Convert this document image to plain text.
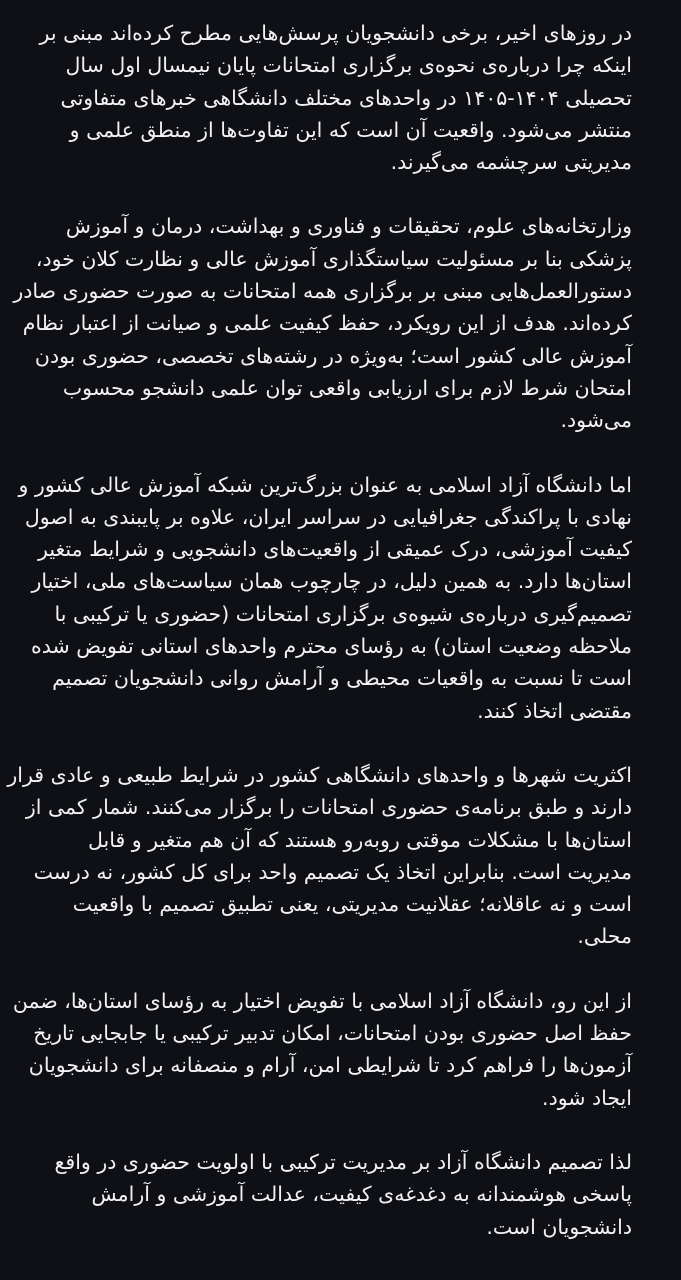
در روزهای اخیر، برخی دانشجویان پرسش‌هایی مطرح کرده‌اند مبنی بر
اینکه چرا درباره‌ی نحوه‌ی برگزاری امتحانات پایان نیمسال اول سال
تحصیلی ۱۴۰۴-۱۴۰۵ در واحدهای مختلف دانشگاهی خبرهای متفاوتی
منتشر می‌شود. واقعیت آن است که این تفاوت‌ها از منطق علمی و
مدیریتی سرچشمه می‌گیرند.

وزارتخانه‌های علوم، تحقیقات و فناوری و بهداشت، درمان و آموزش
پزشکی بنا بر مسئولیت سیاستگذاری آموزش عالی و نظارت کلان خود،
دستورالعمل‌هایی مبنی بر برگزاری همه امتحانات به صورت حضوری صادر
کرده‌اند. هدف از این رویکرد، حفظ کیفیت علمی و صیانت از اعتبار نظام
آموزش عالی کشور است؛ به‌ویژه در رشته‌های تخصصی، حضوری بودن
امتحان شرط لازم برای ارزیابی واقعی توان علمی دانشجو محسوب
می‌شود.

اما دانشگاه آزاد اسلامی به عنوان بزرگ‌ترین شبکه آموزش عالی کشور و
نهادی با پراکندگی جغرافیایی در سراسر ایران، علاوه بر پایبندی به اصول
کیفیت آموزشی، درک عمیقی از واقعیت‌های دانشجویی و شرایط متغیر
استان‌ها دارد. به همین دلیل، در چارچوب همان سیاست‌های ملی، اختیار
تصمیم‌گیری درباره‌ی شیوه‌ی برگزاری امتحانات (حضوری یا ترکیبی با
ملاحظه وضعیت استان) به رؤسای محترم واحدهای استانی تفویض شده
است تا نسبت به واقعیات محیطی و آرامش روانی دانشجویان تصمیم
مقتضی اتخاذ کنند.

اکثریت شهرها و واحدهای دانشگاهی کشور در شرایط طبیعی و عادی قرار
دارند و طبق برنامه‌ی حضوری امتحانات را برگزار می‌کنند. شمار کمی از
استان‌ها با مشکلات موقتی روبه‌رو هستند که آن هم متغیر و قابل
مدیریت است. بنابراین اتخاذ یک تصمیم واحد برای کل کشور، نه درست
است و نه عاقلانه؛ عقلانیت مدیریتی، یعنی تطبیق تصمیم با واقعیت
محلی.

از این رو، دانشگاه آزاد اسلامی با تفویض اختیار به رؤسای استان‌ها، ضمن
حفظ اصل حضوری بودن امتحانات، امکان تدبیر ترکیبی یا جابجایی تاریخ
آزمون‌ها را فراهم کرد تا شرایطی امن، آرام و منصفانه برای دانشجویان
ایجاد شود.

لذا تصمیم دانشگاه آزاد بر مدیریت ترکیبی با اولویت حضوری در واقع
پاسخی هوشمندانه به دغدغه‌ی کیفیت، عدالت آموزشی و آرامش
دانشجویان است.
